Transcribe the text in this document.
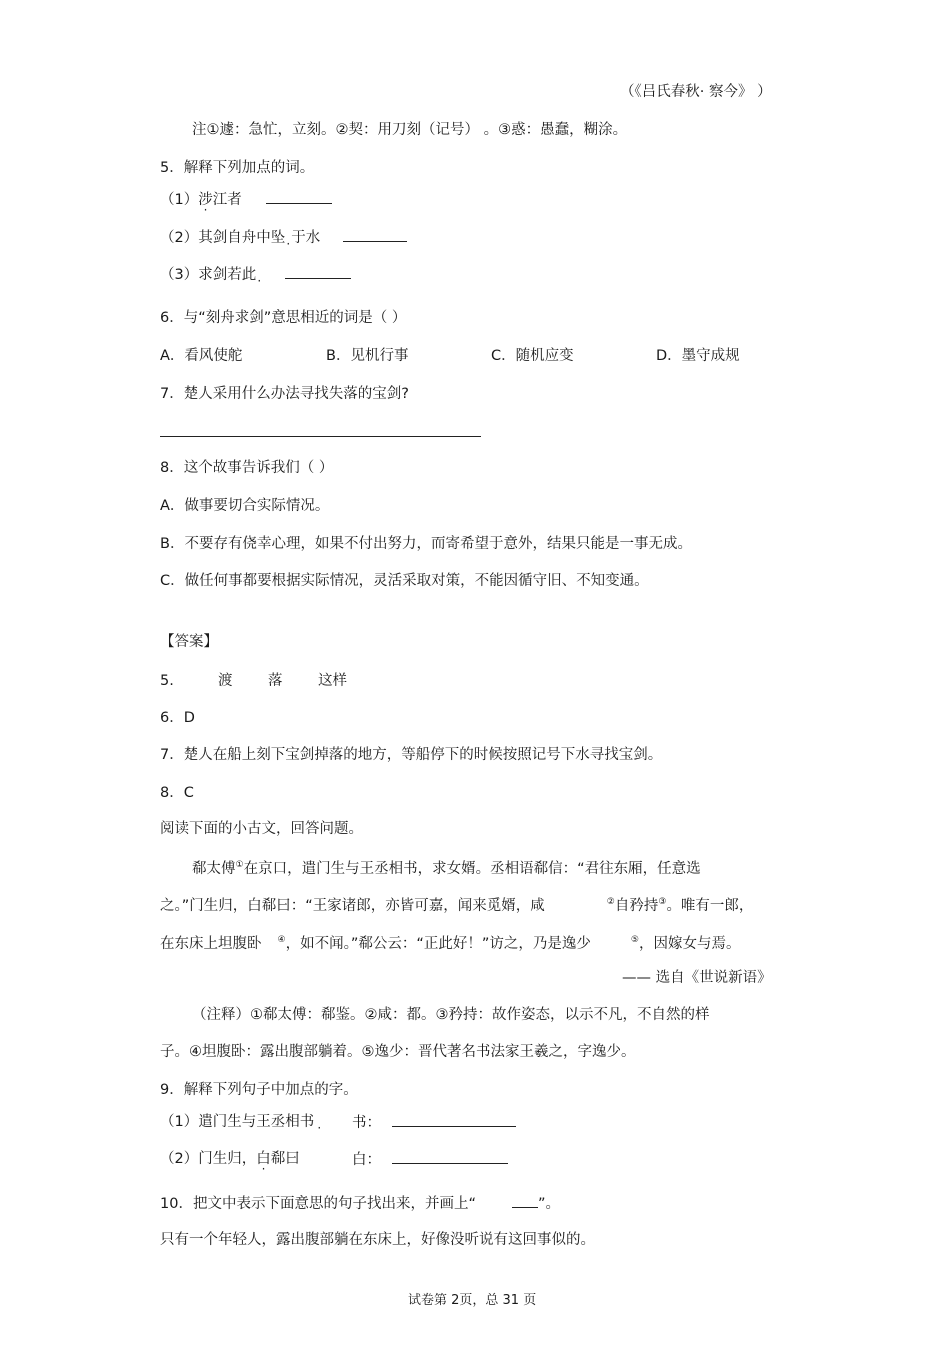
（《吕氏春秋· 察今》 ）
注①遽：急忙，立刻。②契：用刀刻（记号） 。③惑：愚蠢，糊涂。
5．解释下列加点的词。
（1）涉江者
（2）其剑自舟中坠 于水
（3）求剑若此
6．与“刻舟求剑”意思相近的词是（ ）
A．看风使舵	B．见机行事	C．随机应变	D．墨守成规
7．楚人采用什么办法寻找失落的宝剑?
8．这个故事告诉我们（ ）
A．做事要切合实际情况。
B．不要存有侥幸心理，如果不付出努力，而寄希望于意外，结果只能是一事无成。
C．做任何事都要根据实际情况，灵活采取对策，不能因循守旧、不知变通。
【答案】
5.	渡 落 这样
6．D
7．楚人在船上刻下宝剑掉落的地方，等船停下的时候按照记号下水寻找宝剑。
8．C
阅读下面的小古文，回答问题。
郗太傅①在京口，遣门生与王丞相书，求女婿。丞相语郗信：“君往东厢，任意选
之。”门生归，白郗曰：“王家诸郎，亦皆可嘉，闻来觅婿，咸	②自矜持③。唯有一郎，
在东床上坦腹卧 ④，如不闻。”郗公云：“正此好！”访之，乃是逸少	⑤，因嫁女与焉。
—— 选自《世说新语》
（注释）①郗太傅：郗鉴。②咸：都。③矜持：故作姿态，以示不凡，不自然的样
子。④坦腹卧：露出腹部躺着。⑤逸少：晋代著名书法家王羲之，字逸少。
9．解释下列句子中加点的字。
（1）遣门生与王丞相书	书：
（2）门生归，白郗曰	白：
10．把文中表示下面意思的句子找出来，并画上“	”。
只有一个年轻人，露出腹部躺在东床上，好像没听说有这回事似的。
试卷第 2页，总 31 页
